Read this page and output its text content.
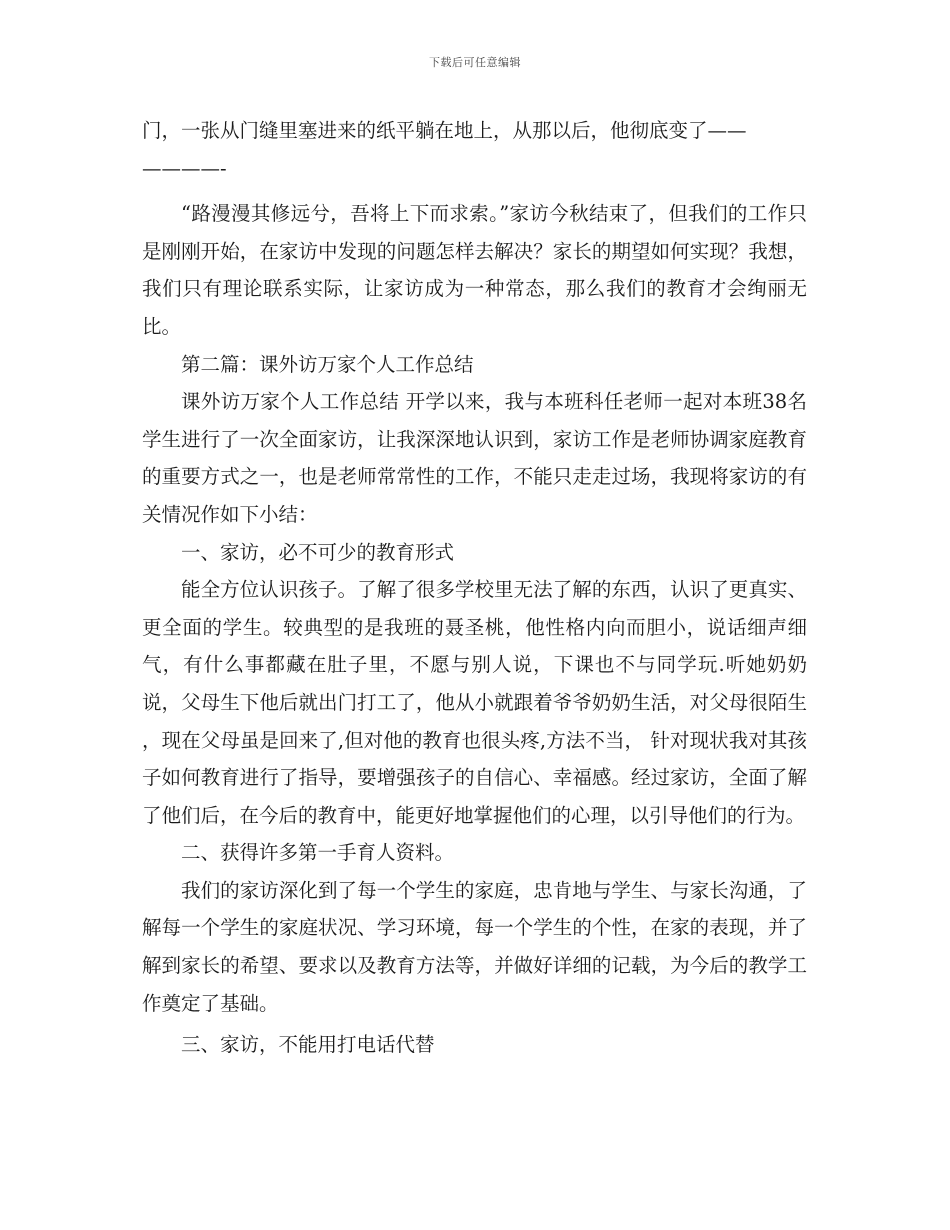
下载后可任意编辑

门，一张从门缝里塞进来的纸平躺在地上，从那以后，他彻底变了——

————-

“路漫漫其修远兮，吾将上下而求索。”家访今秋结束了，但我们的工作只是刚刚开始，在家访中发现的问题怎样去解决？家长的期望如何实现？我想，我们只有理论联系实际，让家访成为一种常态，那么我们的教育才会绚丽无比。

第二篇：课外访万家个人工作总结

课外访万家个人工作总结 开学以来，我与本班科任老师一起对本班38名学生进行了一次全面家访，让我深深地认识到，家访工作是老师协调家庭教育的重要方式之一，也是老师常常性的工作，不能只走走过场，我现将家访的有关情况作如下小结：

一、家访，必不可少的教育形式

能全方位认识孩子。了解了很多学校里无法了解的东西，认识了更真实、更全面的学生。较典型的是我班的聂圣桃，他性格内向而胆小，说话细声细气，有什么事都藏在肚子里，不愿与别人说，下课也不与同学玩.听她奶奶说，父母生下他后就出门打工了，他从小就跟着爷爷奶奶生活，对父母很陌生 ，现在父母虽是回来了,但对他的教育也很头疼,方法不当， 针对现状我对其孩子如何教育进行了指导，要增强孩子的自信心、幸福感。经过家访，全面了解了他们后，在今后的教育中，能更好地掌握他们的心理，以引导他们的行为。

二、获得许多第一手育人资料。

我们的家访深化到了每一个学生的家庭，忠肯地与学生、与家长沟通，了解每一个学生的家庭状况、学习环境，每一个学生的个性，在家的表现，并了解到家长的希望、要求以及教育方法等，并做好详细的记载，为今后的教学工作奠定了基础。

三、家访，不能用打电话代替
